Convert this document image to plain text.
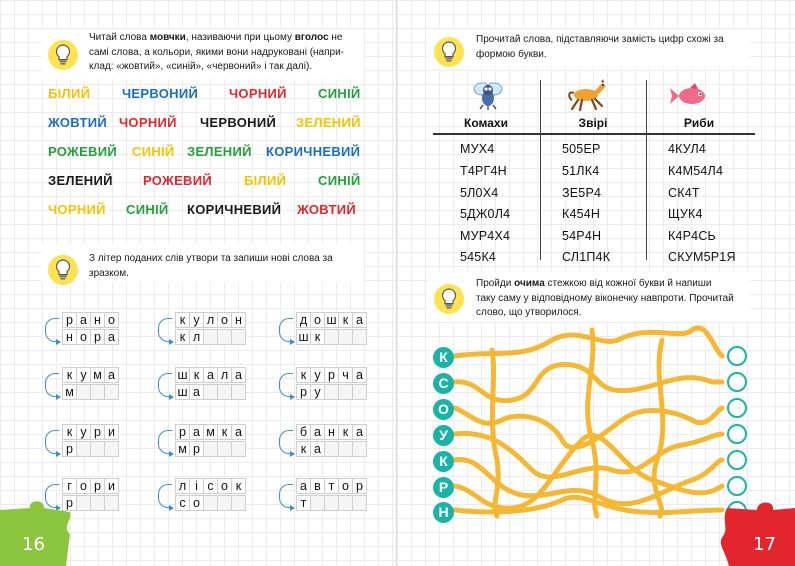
Читай слова мовчки, називаючи при цьому вголос не
самі слова, а кольори, якими вони надруковані (напри-
клад: «жовтий», «синій», «червоний» і так далі).
БІЛИЙ ЧЕРВОНИЙ ЧОРНИЙ СИНІЙ
ЖОВТИЙ ЧОРНИЙ ЧЕРВОНИЙ ЗЕЛЕНИЙ
РОЖЕВИЙ СИНІЙ ЗЕЛЕНИЙ КОРИЧНЕВИЙ
ЗЕЛЕНИЙ РОЖЕВИЙ БІЛИЙ СИНІЙ
ЧОРНИЙ СИНІЙ КОРИЧНЕВИЙ ЖОВТИЙ
З літер поданих слів утвори та запиши нові слова за
зразком.
р а н о
н о р а
к у л о н
к л
д о ш к а
ш к
к у м а
м
ш к а л а
ш а
к у р ч а
р у
к у р и
р
р а м к а
м р
б а н к а
к а
г о р и
р
л і с о к
с о
а в т о р
т
16
Прочитай слова, підставляючи замість цифр схожі за
формою букви.
Пройди очима стежкою від кожної букви й напиши
таку саму у відповідному віконечку навпроти. Прочитай
слово, що утворилося.
К
С
О
У
К
Р
Н
17
Комахи
МУХ4
Т4РГ4Н
5Л0Х4
5ДЖ0Л4
МУР4Х4
545К4
Звірі
505ЕР
51ЛК4
ЗЕ5Р4
К454Н
54Р4Н
СЛ1П4К
Риби
4КУЛ4
К4М54Л4
СК4Т
ЩУК4
К4Р4СЬ
СКУМ5Р1Я
